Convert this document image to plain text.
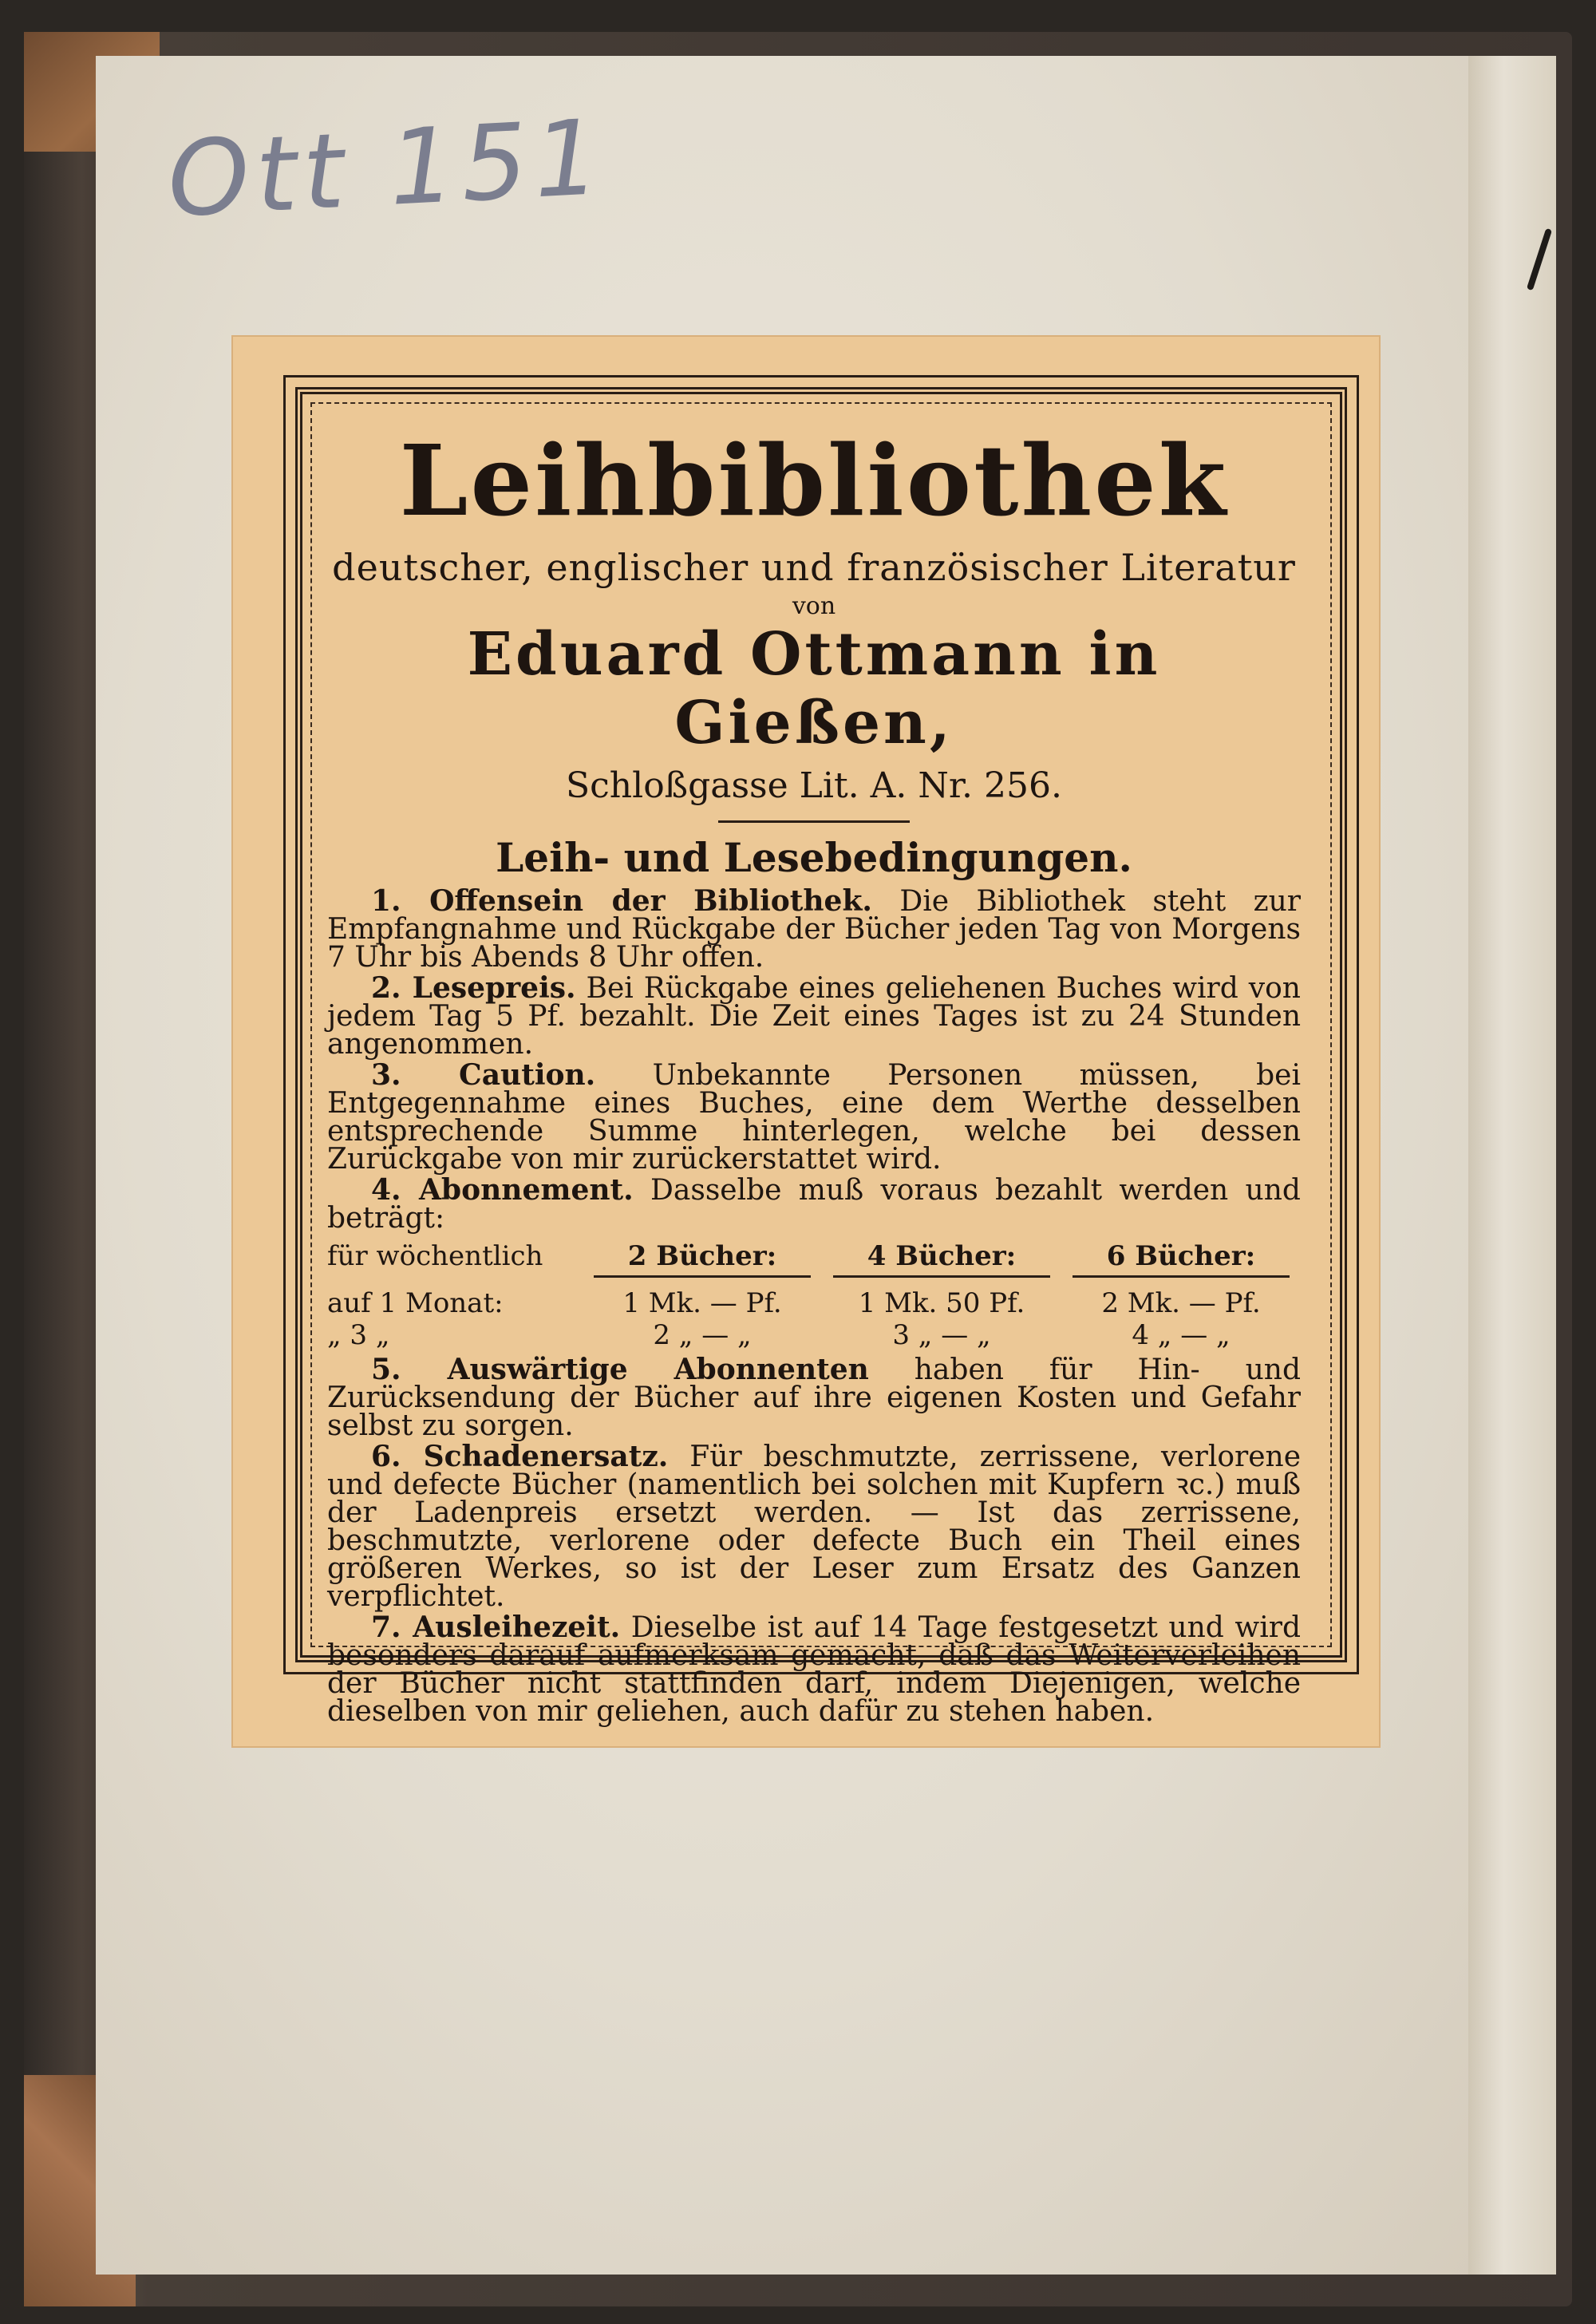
Ott 151
Leihbibliothek
deutscher, englischer und französischer Literatur
von
Eduard Ottmann in Gießen,
Schloßgasse Lit. A. Nr. 256.
Leih- und Lesebedingungen.

1. Offensein der Bibliothek. Die Bibliothek steht zur Empfangnahme und Rückgabe der Bücher jeden Tag von Morgens 7 Uhr bis Abends 8 Uhr offen.

2. Lesepreis. Bei Rückgabe eines geliehenen Buches wird von jedem Tag 5 Pf. bezahlt. Die Zeit eines Tages ist zu 24 Stunden angenommen.

3. Caution. Unbekannte Personen müssen, bei Entgegennahme eines Buches, eine dem Werthe desselben entsprechende Summe hinterlegen, welche bei dessen Zurückgabe von mir zurückerstattet wird.

4. Abonnement. Dasselbe muß voraus bezahlt werden und beträgt:

für wöchentlich	2 Bücher:	4 Bücher:	6 Bücher:
auf 1 Monat:	1 Mk. — Pf.	1 Mk. 50 Pf.	2 Mk. — Pf.
„ 3 „	2 „ — „	3 „ — „	4 „ — „

5. Auswärtige Abonnenten haben für Hin- und Zurücksendung der Bücher auf ihre eigenen Kosten und Gefahr selbst zu sorgen.

6. Schadenersatz. Für beschmutzte, zerrissene, verlorene und defecte Bücher (namentlich bei solchen mit Kupfern ꝛc.) muß der Ladenpreis ersetzt werden. — Ist das zerrissene, beschmutzte, verlorene oder defecte Buch ein Theil eines größeren Werkes, so ist der Leser zum Ersatz des Ganzen verpflichtet.

7. Ausleihezeit. Dieselbe ist auf 14 Tage festgesetzt und wird besonders darauf aufmerksam gemacht, daß das Weiterverleihen der Bücher nicht stattfinden darf, indem Diejenigen, welche dieselben von mir geliehen, auch dafür zu stehen haben.
